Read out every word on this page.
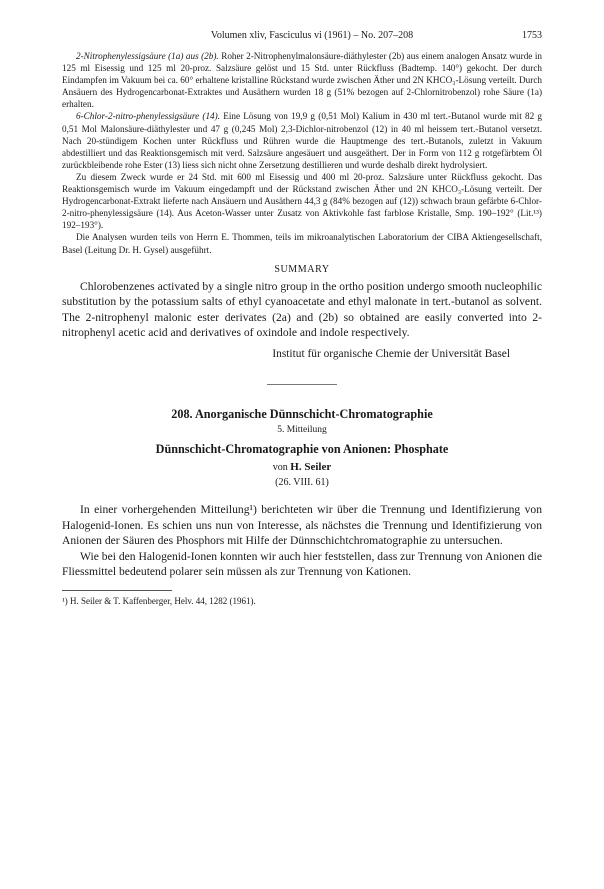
Volumen xliv, Fasciculus vi (1961) – No. 207–208	1753

2-Nitrophenylessigsäure (1a) aus (2b). Roher 2-Nitrophenylmalonsäure-diäthylester (2b) aus einem analogen Ansatz wurde in 125 ml Eisessig und 125 ml 20-proz. Salzsäure gelöst und 15 Std. unter Rückfluss (Badtemp. 140°) gekocht. Der durch Eindampfen im Vakuum bei ca. 60° erhaltene kristalline Rückstand wurde zwischen Äther und 2N KHCO₃-Lösung verteilt. Durch Ansäuern des Hydrogencarbonat-Extraktes und Ausäthern wurden 18 g (51% bezogen auf 2-Chlornitrobenzol) rohe Säure (1a) erhalten.

6-Chlor-2-nitro-phenylessigsäure (14). Eine Lösung von 19,9 g (0,51 Mol) Kalium in 430 ml tert.-Butanol wurde mit 82 g 0,51 Mol Malonsäure-diäthylester und 47 g (0,245 Mol) 2,3-Dichlor-nitrobenzol (12) in 40 ml heissem tert.-Butanol versetzt. Nach 20-stündigem Kochen unter Rückfluss und Rühren wurde die Hauptmenge des tert.-Butanols, zuletzt in Vakuum abdestilliert und das Reaktionsgemisch mit verd. Salzsäure angesäuert und ausgeäthert. Der in Form von 112 g rotgefärbtem Öl zurückbleibende rohe Ester (13) liess sich nicht ohne Zersetzung destillieren und wurde deshalb direkt hydrolysiert.

Zu diesem Zweck wurde er 24 Std. mit 600 ml Eisessig und 400 ml 20-proz. Salzsäure unter Rückfluss gekocht. Das Reaktionsgemisch wurde im Vakuum eingedampft und der Rückstand zwischen Äther und 2N KHCO₃-Lösung verteilt. Der Hydrogencarbonat-Extrakt lieferte nach Ansäuern und Ausäthern 44,3 g (84% bezogen auf (12)) schwach braun gefärbte 6-Chlor-2-nitro-phenylessigsäure (14). Aus Aceton-Wasser unter Zusatz von Aktivkohle fast farblose Kristalle, Smp. 190–192° (Lit.¹³) 192–193°).

Die Analysen wurden teils von Herrn E. Thommen, teils im mikroanalytischen Laboratorium der CIBA Aktiengesellschaft, Basel (Leitung Dr. H. Gysel) ausgeführt.

SUMMARY

Chlorobenzenes activated by a single nitro group in the ortho position undergo smooth nucleophilic substitution by the potassium salts of ethyl cyanoacetate and ethyl malonate in tert.-butanol as solvent. The 2-nitrophenyl malonic ester derivates (2a) and (2b) so obtained are easily converted into 2-nitrophenyl acetic acid and derivatives of oxindole and indole respectively.

Institut für organische Chemie der Universität Basel
208. Anorganische Dünnschicht-Chromatographie
5. Mitteilung
Dünnschicht-Chromatographie von Anionen: Phosphate
von H. Seiler
(26. VIII. 61)

In einer vorhergehenden Mitteilung¹) berichteten wir über die Trennung und Identifizierung von Halogenid-Ionen. Es schien uns nun von Interesse, als nächstes die Trennung und Identifizierung von Anionen der Säuren des Phosphors mit Hilfe der Dünnschichtchromatographie zu untersuchen.

Wie bei den Halogenid-Ionen konnten wir auch hier feststellen, dass zur Trennung von Anionen die Fliessmittel bedeutend polarer sein müssen als zur Trennung von Kationen.

¹) H. Seiler & T. Kaffenberger, Helv. 44, 1282 (1961).
